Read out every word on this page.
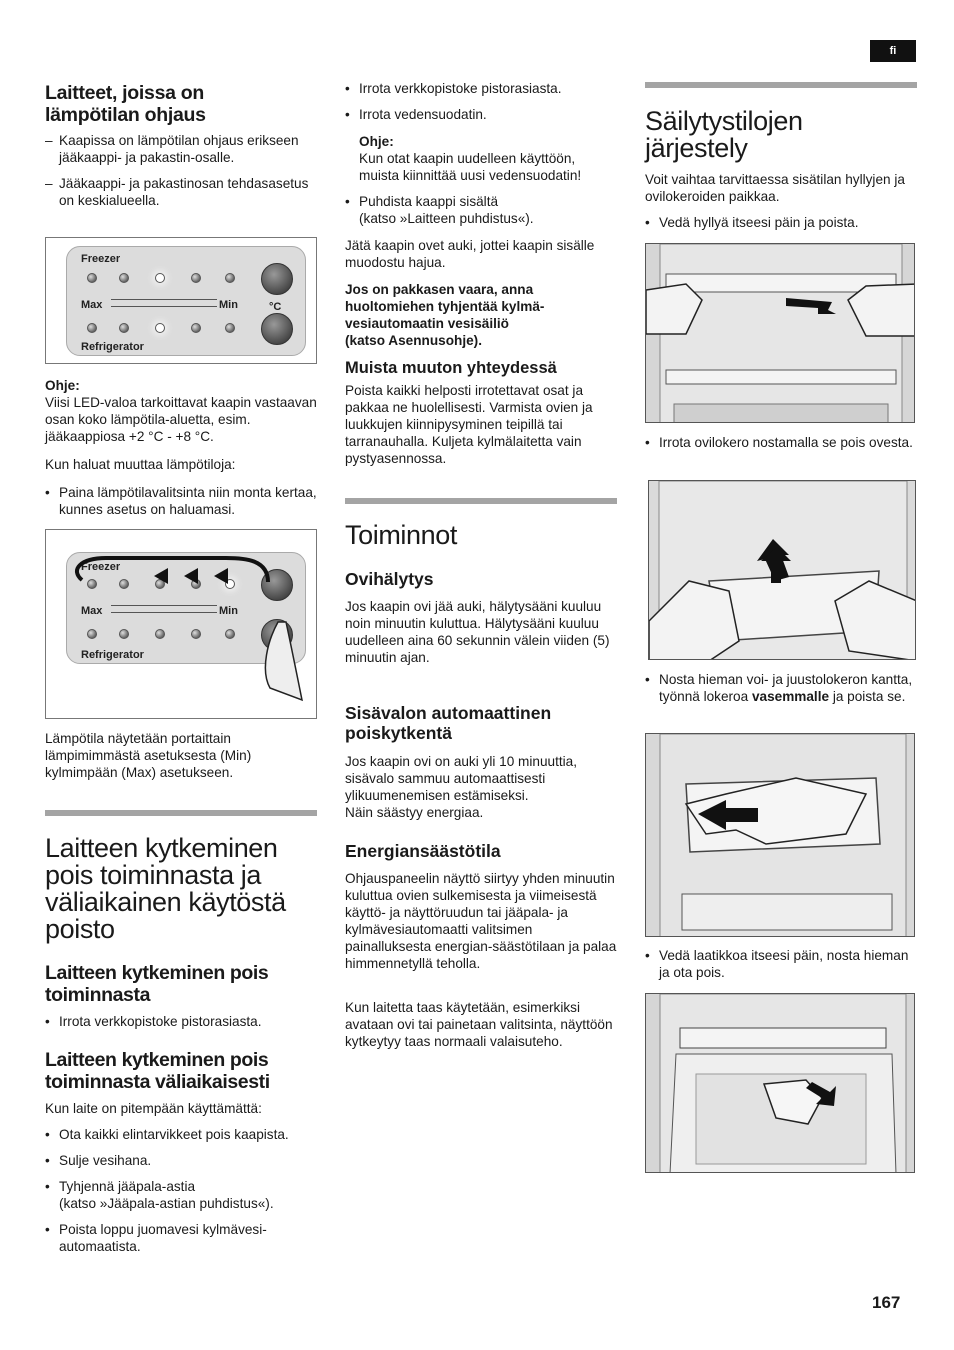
fi
Laitteet, joissa on
lämpötilan ohjaus
– Kaapissa on lämpötilan ohjaus erikseen jääkaappi- ja pakastin-osalle.
– Jääkaappi- ja pakastinosan tehdasasetus on keskialueella.
Freezer
Max	Min	°C
Refrigerator
Ohje:
Viisi LED-valoa tarkoittavat kaapin vastaavan osan koko lämpötila-aluetta, esim. jääkaappiosa +2 °C - +8 °C.
Kun haluat muuttaa lämpötiloja:
• Paina lämpötilavalitsinta niin monta kertaa, kunnes asetus on haluamasi.
Freezer
Max	Min
Refrigerator
Lämpötila näytetään portaittain lämpimimmästä asetuksesta (Min) kylmimpään (Max) asetukseen.
Laitteen kytkeminen pois toiminnasta ja väliaikainen käytöstä poisto
Laitteen kytkeminen pois
toiminnasta
• Irrota verkkopistoke pistorasiasta.
Laitteen kytkeminen pois
toiminnasta väliaikaisesti
Kun laite on pitempään käyttämättä:
• Ota kaikki elintarvikkeet pois kaapista.
• Sulje vesihana.
• Tyhjennä jääpala-astia
(katso »Jääpala-astian puhdistus«).
• Poista loppu juomavesi kylmävesi-automaatista.
• Irrota verkkopistoke pistorasiasta.
• Irrota vedensuodatin.
Ohje:
Kun otat kaapin uudelleen käyttöön, muista kiinnittää uusi vedensuodatin!
• Puhdista kaappi sisältä
(katso »Laitteen puhdistus«).
Jätä kaapin ovet auki, jottei kaapin sisälle muodostu hajua.
Jos on pakkasen vaara, anna huoltomiehen tyhjentää kylmä-vesiautomaatin vesisäiliö
(katso Asennusohje).
Muista muuton yhteydessä
Poista kaikki helposti irrotettavat osat ja pakkaa ne huolellisesti. Varmista ovien ja luukkujen kiinnipysyminen teipillä tai tarranauhalla. Kuljeta kylmälaitetta vain pystyasennossa.
Toiminnot
Ovihälytys
Jos kaapin ovi jää auki, hälytysääni kuuluu noin minuutin kuluttua. Hälytysääni kuuluu uudelleen aina 60 sekunnin välein viiden (5) minuutin ajan.
Sisävalon automaattinen
poiskytkentä
Jos kaapin ovi on auki yli 10 minuuttia, sisävalo sammuu automaattisesti ylikuumenemisen estämiseksi.
Näin säästyy energiaa.
Energiansäästötila
Ohjauspaneelin näyttö siirtyy yhden minuutin kuluttua ovien sulkemisesta ja viimeisestä käyttö- ja näyttöruudun tai jääpala- ja kylmävesiautomaatti valitsimen painalluksesta energian-säästötilaan ja palaa himmennetyllä teholla.
Kun laitetta taas käytetään, esimerkiksi avataan ovi tai painetaan valitsinta, näyttöön kytkeytyy taas normaali valaisuteho.
Säilytystilojen
järjestely
Voit vaihtaa tarvittaessa sisätilan hyllyjen ja ovilokeroiden paikkaa.
• Vedä hyllyä itseesi päin ja poista.
• Irrota ovilokero nostamalla se pois ovesta.
• Nosta hieman voi- ja juustolokeron kantta, työnnä lokeroa vasemmalle ja poista se.
• Vedä laatikkoa itseesi päin, nosta hieman ja ota pois.
167
